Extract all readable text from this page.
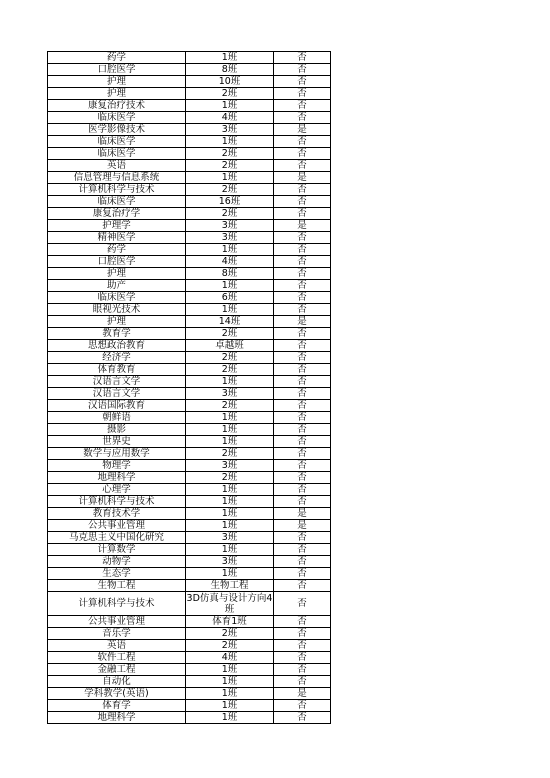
药学	1班	否
口腔医学	8班	否
护理	10班	否
护理	2班	否
康复治疗技术	1班	否
临床医学	4班	否
医学影像技术	3班	是
临床医学	1班	否
临床医学	2班	否
英语	2班	否
信息管理与信息系统	1班	是
计算机科学与技术	2班	否
临床医学	16班	否
康复治疗学	2班	否
护理学	3班	是
精神医学	3班	否
药学	1班	否
口腔医学	4班	否
护理	8班	否
助产	1班	否
临床医学	6班	否
眼视光技术	1班	否
护理	14班	是
教育学	2班	否
思想政治教育	卓越班	否
经济学	2班	否
体育教育	2班	否
汉语言文学	1班	否
汉语言文学	3班	否
汉语国际教育	2班	否
朝鲜语	1班	否
摄影	1班	否
世界史	1班	否
数学与应用数学	2班	否
物理学	3班	否
地理科学	2班	否
心理学	1班	否
计算机科学与技术	1班	否
教育技术学	1班	是
公共事业管理	1班	是
马克思主义中国化研究	3班	否
计算数学	1班	否
动物学	3班	否
生态学	1班	否
生物工程	生物工程	否
计算机科学与技术	3D仿真与设计方向4班	否
公共事业管理	体育1班	否
音乐学	2班	否
英语	2班	否
软件工程	4班	否
金融工程	1班	否
自动化	1班	否
学科教学(英语)	1班	是
体育学	1班	否
地理科学	1班	否
